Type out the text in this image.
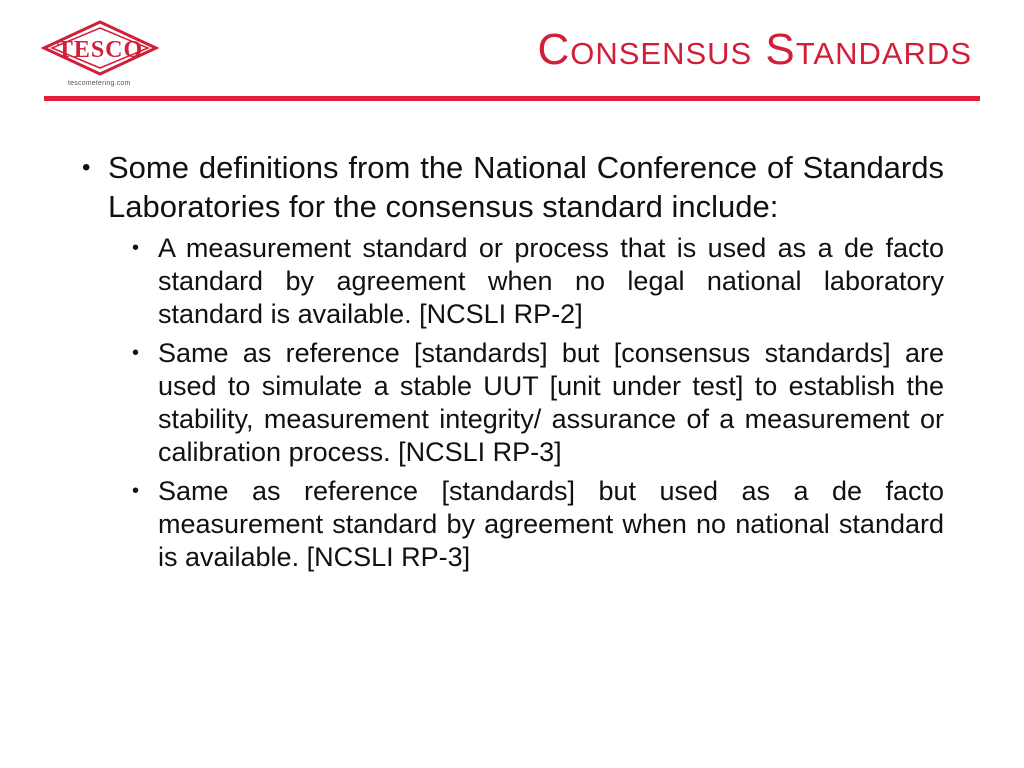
TESCO
tescometering.com
Consensus Standards
• Some definitions from the National Conference of Standards Laboratories for the consensus standard include:
• A measurement standard or process that is used as a de facto standard by agreement when no legal national laboratory standard is available. [NCSLI RP-2]
• Same as reference [standards] but [consensus standards] are used to simulate a stable UUT [unit under test] to establish the stability, measurement integrity/ assurance of a measurement or calibration process. [NCSLI RP-3]
• Same as reference [standards] but used as a de facto measurement standard by agreement when no national standard is available. [NCSLI RP-3]
